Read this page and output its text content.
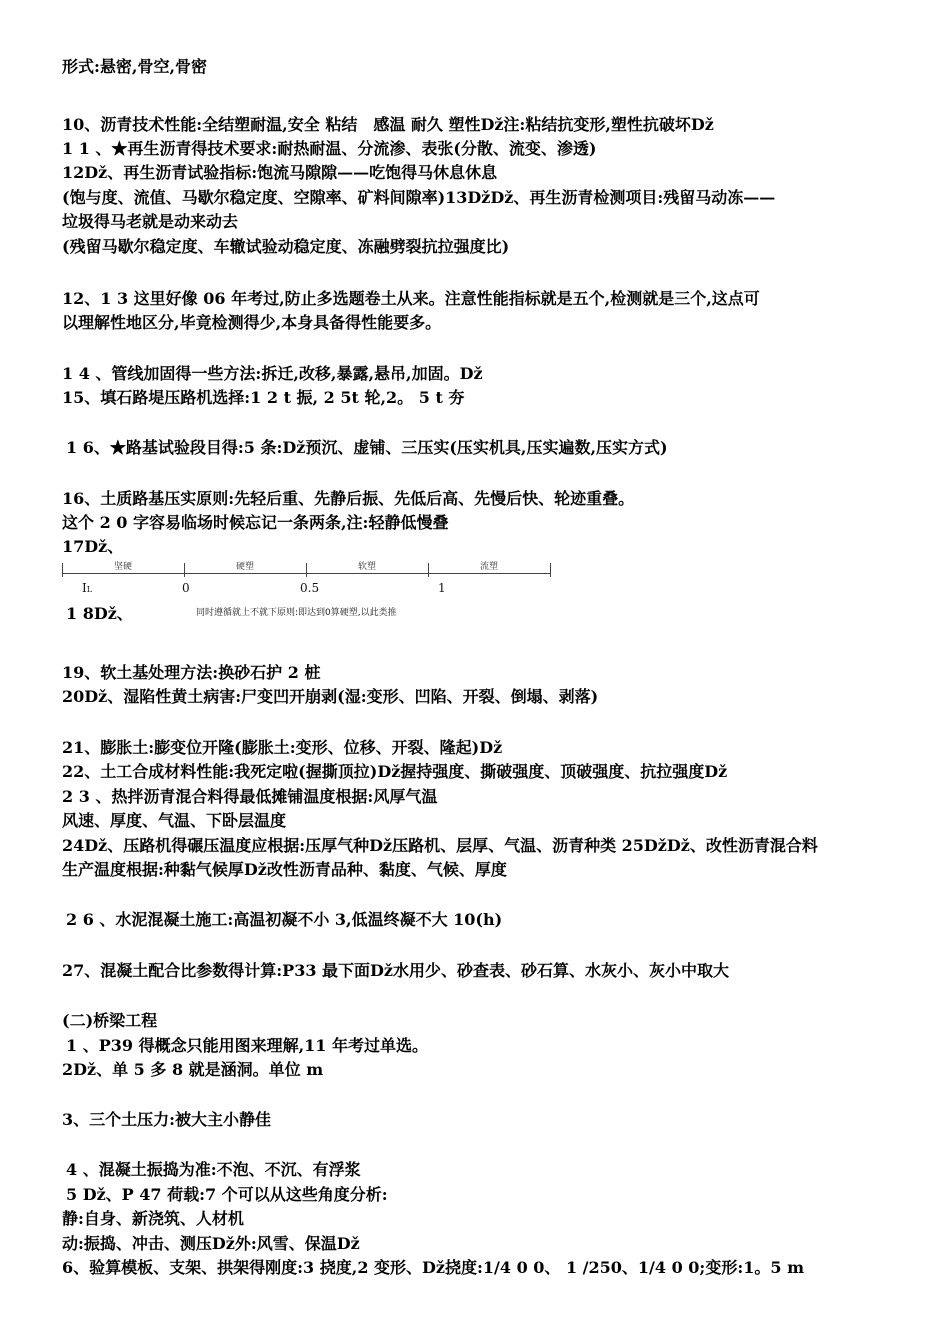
形式:悬密,骨空,骨密
10、沥青技术性能:全结塑耐温,安全 粘结　感温 耐久 塑性ǅ注:粘结抗变形,塑性抗破坏ǅ
1 1 、★再生沥青得技术要求:耐热耐温、分流渗、表张(分散、流变、渗透)
12ǅ、再生沥青试验指标:饱流马隙隙——吃饱得马休息休息
(饱与度、流值、马歇尔稳定度、空隙率、矿料间隙率)13ǅǅ、再生沥青检测项目:残留马动冻——
垃圾得马老就是动来动去
(残留马歇尔稳定度、车辙试验动稳定度、冻融劈裂抗拉强度比)
12、1 3 这里好像 06 年考过,防止多选题卷土从来。注意性能指标就是五个,检测就是三个,这点可
以理解性地区分,毕竟检测得少,本身具备得性能要多。
1 4 、管线加固得一些方法:拆迁,改移,暴露,悬吊,加固。ǅ
15、填石路堤压路机选择:1 2 t 振, 2 5t 轮,2。 5 t 夯
1 6、★路基试验段目得:5 条:ǅ预沉、虚铺、三压实(压实机具,压实遍数,压实方式)
16、土质路基压实原则:先轻后重、先静后振、先低后高、先慢后快、轮迹重叠。
这个 2 0 字容易临场时候忘记一条两条,注:轻静低慢叠
17ǅ、
1 8ǅ、
19、软土基处理方法:换砂石护 2 桩
20ǅ、湿陷性黄土病害:尸变凹开崩剥(湿:变形、凹陷、开裂、倒塌、剥落)
21、膨胀土:膨变位开隆(膨胀土:变形、位移、开裂、隆起)ǅ
22、土工合成材料性能:我死定啦(握撕顶拉)ǅ握持强度、撕破强度、顶破强度、抗拉强度ǅ
2 3 、热拌沥青混合料得最低摊铺温度根据:风厚气温
风速、厚度、气温、下卧层温度
24ǅ、压路机得碾压温度应根据:压厚气种ǅ压路机、层厚、气温、沥青种类 25ǅǅ、改性沥青混合料
生产温度根据:种黏气候厚ǅ改性沥青品种、黏度、气候、厚度
2 6 、水泥混凝土施工:高温初凝不小 3,低温终凝不大 10(h)
27、混凝土配合比参数得计算:P33 最下面ǅ水用少、砂查表、砂石算、水灰小、灰小中取大
(二)桥梁工程
1 、P39 得概念只能用图来理解,11 年考过单选。
2ǅ、单 5 多 8 就是涵洞。单位 m
3、三个土压力:被大主小静佳
4 、混凝土振捣为准:不泡、不沉、有浮浆
5 ǅ、P 47 荷载:7 个可以从这些角度分析:
静:自身、新浇筑、人材机
动:振捣、冲击、测压ǅ外:风雪、保温ǅ
6、验算模板、支架、拱架得刚度:3 挠度,2 变形、ǅ挠度:1/4 0 0、 1 /250、1/4 0 0;变形:1。5 m
坚硬	硬塑	软塑	流塑
IL	0	0.5	1
同时遵循就上不就下原则:即达到0算硬塑,以此类推
